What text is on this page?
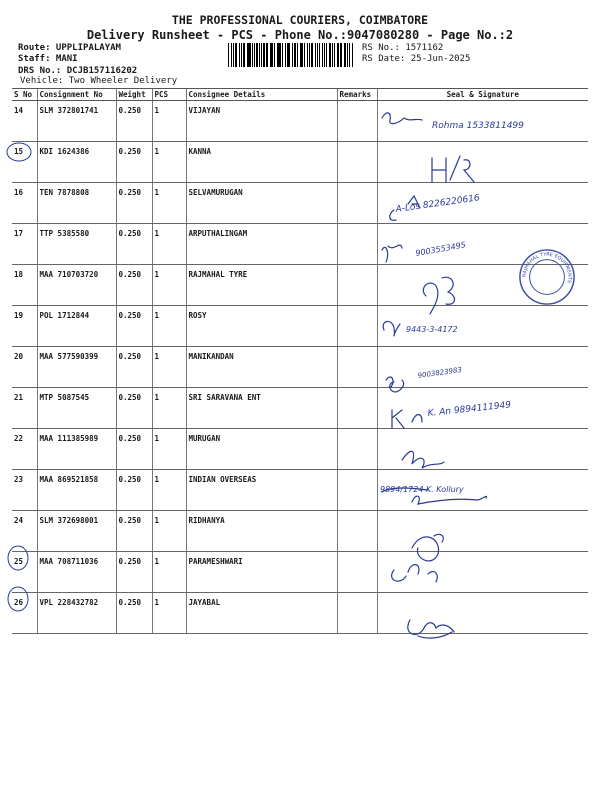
THE PROFESSIONAL COURIERS, COIMBATORE
Delivery Runsheet - PCS - Phone No.:9047080280 - Page No.:2
Route: UPPLIPALAYAM
Staff: MANI
DRS No.: DCJB157116202
Vehicle: Two Wheeler Delivery
RS No.: 1571162
RS Date: 25-Jun-2025
S No	Consignment No	Weight	PCS	Consignee Details	Remarks	Seal & Signature
14	SLM 372801741	0.250	1	VIJAYAN		
15	KDI 1624386	0.250	1	KANNA		
16	TEN 7878808	0.250	1	SELVAMURUGAN		
17	TTP 5385580	0.250	1	ARPUTHALINGAM		
18	MAA 710703720	0.250	1	RAJMAHAL TYRE		
19	POL 1712844	0.250	1	ROSY		
20	MAA 577590399	0.250	1	MANIKANDAN		
21	MTP 5087545	0.250	1	SRI SARAVANA ENT		
22	MAA 111385989	0.250	1	MURUGAN		
23	MAA 869521858	0.250	1	INDIAN OVERSEAS		
24	SLM 372698001	0.250	1	RIDHANYA		
25	MAA 708711036	0.250	1	PARAMESHWARI		
26	VPL 228432782	0.250	1	JAYABAL		
Rohma 1533811499
A-Los 8226220616
9003553495
9443-3-4172
9003823983
K. An 9894111949
9894/1724 K. Kollury
RAJMAHAL TYRE EQUIPMENTS
